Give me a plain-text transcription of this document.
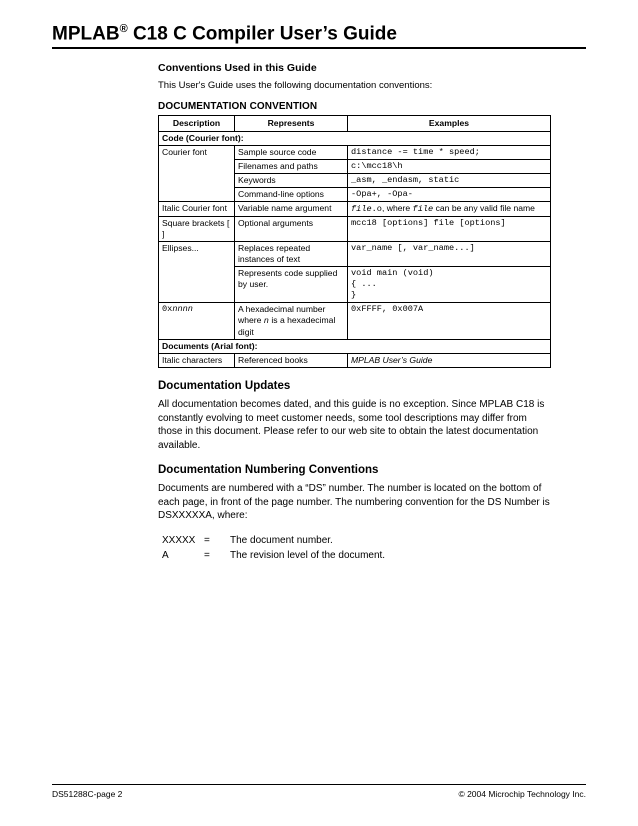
MPLAB® C18 C Compiler User’s Guide

Conventions Used in this Guide

This User's Guide uses the following documentation conventions:

DOCUMENTATION CONVENTION

Description	Represents	Examples
Code (Courier font):		
Courier font	Sample source code	distance -= time * speed;
	Filenames and paths	c:\mcc18\h
	Keywords	_asm, _endasm, static
	Command-line options	-Opa+, -Opa-
Italic Courier font	Variable name argument	file.o, where file can be any valid file name
Square brackets [ ]	Optional arguments	mcc18 [options] file [options]
Ellipses...	Replaces repeated instances of text	var_name [, var_name...]
	Represents code supplied by user.	void main (void)
{ ...
}

0xnnnn	A hexadecimal number where n is a hexadecimal digit	0xFFFF, 0x007A
Documents (Arial font):		
Italic characters	Referenced books	MPLAB User’s Guide

Documentation Updates

All documentation becomes dated, and this guide is no exception. Since MPLAB C18 is constantly evolving to meet customer needs, some tool descriptions may differ from those in this document. Please refer to our web site to obtain the latest documentation available.

Documentation Numbering Conventions

Documents are numbered with a “DS” number. The number is located on the bottom of each page, in front of the page number. The numbering convention for the DS Number is DSXXXXXA, where:

XXXXX =	The document number.
A	=	The revision level of the document.
DS51288C-page 2	© 2004 Microchip Technology Inc.
